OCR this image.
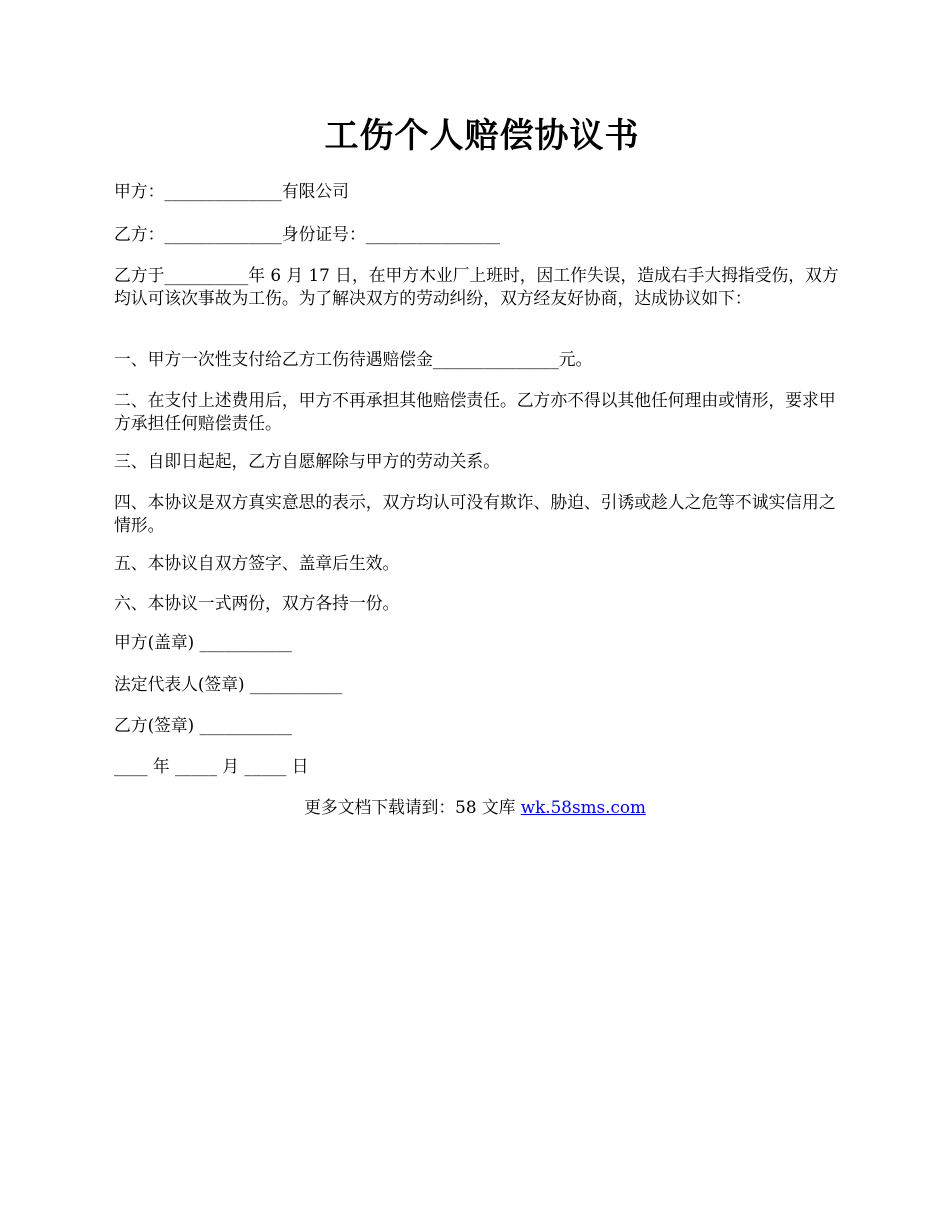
工伤个人赔偿协议书
甲方：______________有限公司
乙方：______________身份证号：________________
乙方于__________年 6 月 17 日，在甲方木业厂上班时，因工作失误，造成右手大拇指受伤，双方均认可该次事故为工伤。为了解决双方的劳动纠纷，双方经友好协商，达成协议如下：
一、甲方一次性支付给乙方工伤待遇赔偿金_______________元。
二、在支付上述费用后，甲方不再承担其他赔偿责任。乙方亦不得以其他任何理由或情形，要求甲方承担任何赔偿责任。
三、自即日起起，乙方自愿解除与甲方的劳动关系。
四、本协议是双方真实意思的表示，双方均认可没有欺诈、胁迫、引诱或趁人之危等不诚实信用之情形。
五、本协议自双方签字、盖章后生效。
六、本协议一式两份，双方各持一份。
甲方(盖章) ___________
法定代表人(签章) ___________
乙方(签章) ___________
____ 年 _____ 月 _____ 日
更多文档下载请到：58 文库 wk.58sms.com
